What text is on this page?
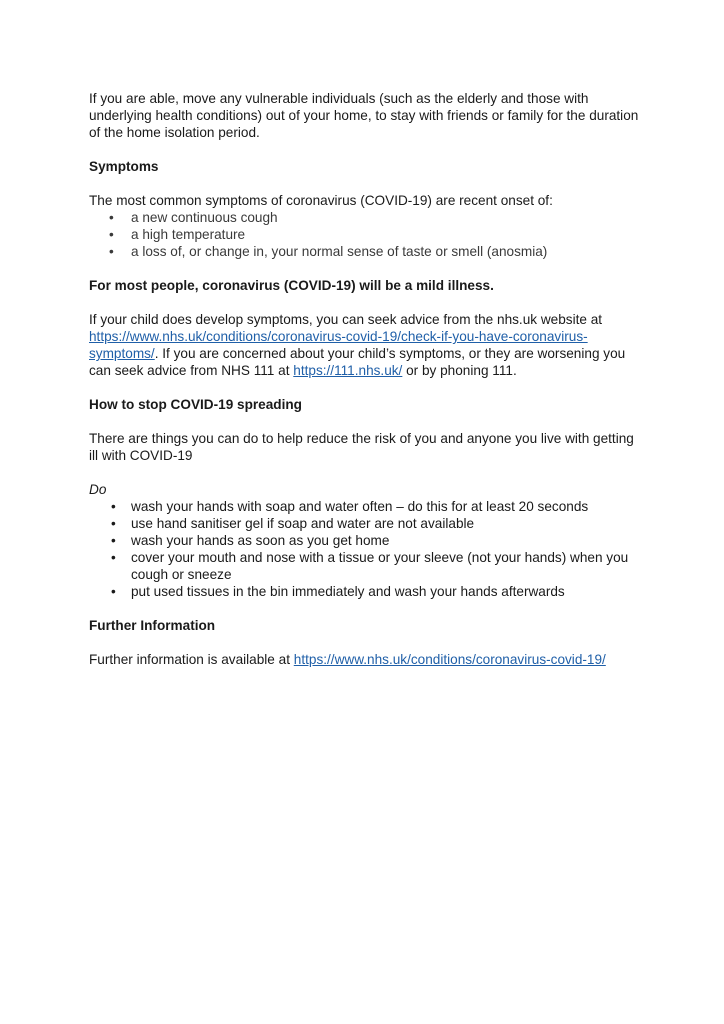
If you are able, move any vulnerable individuals (such as the elderly and those with underlying health conditions) out of your home, to stay with friends or family for the duration of the home isolation period.

Symptoms

The most common symptoms of coronavirus (COVID-19) are recent onset of:

• a new continuous cough
• a high temperature
• a loss of, or change in, your normal sense of taste or smell (anosmia)

For most people, coronavirus (COVID-19) will be a mild illness.

If your child does develop symptoms, you can seek advice from the nhs.uk website at https://www.nhs.uk/conditions/coronavirus-covid-19/check-if-you-have-coronavirus-symptoms/. If you are concerned about your child’s symptoms, or they are worsening you can seek advice from NHS 111 at https://111.nhs.uk/ or by phoning 111.

How to stop COVID-19 spreading

There are things you can do to help reduce the risk of you and anyone you live with getting ill with COVID-19

Do

• wash your hands with soap and water often – do this for at least 20 seconds
• use hand sanitiser gel if soap and water are not available
• wash your hands as soon as you get home
• cover your mouth and nose with a tissue or your sleeve (not your hands) when you cough or sneeze
• put used tissues in the bin immediately and wash your hands afterwards
Further Information

Further information is available at https://www.nhs.uk/conditions/coronavirus-covid-19/
